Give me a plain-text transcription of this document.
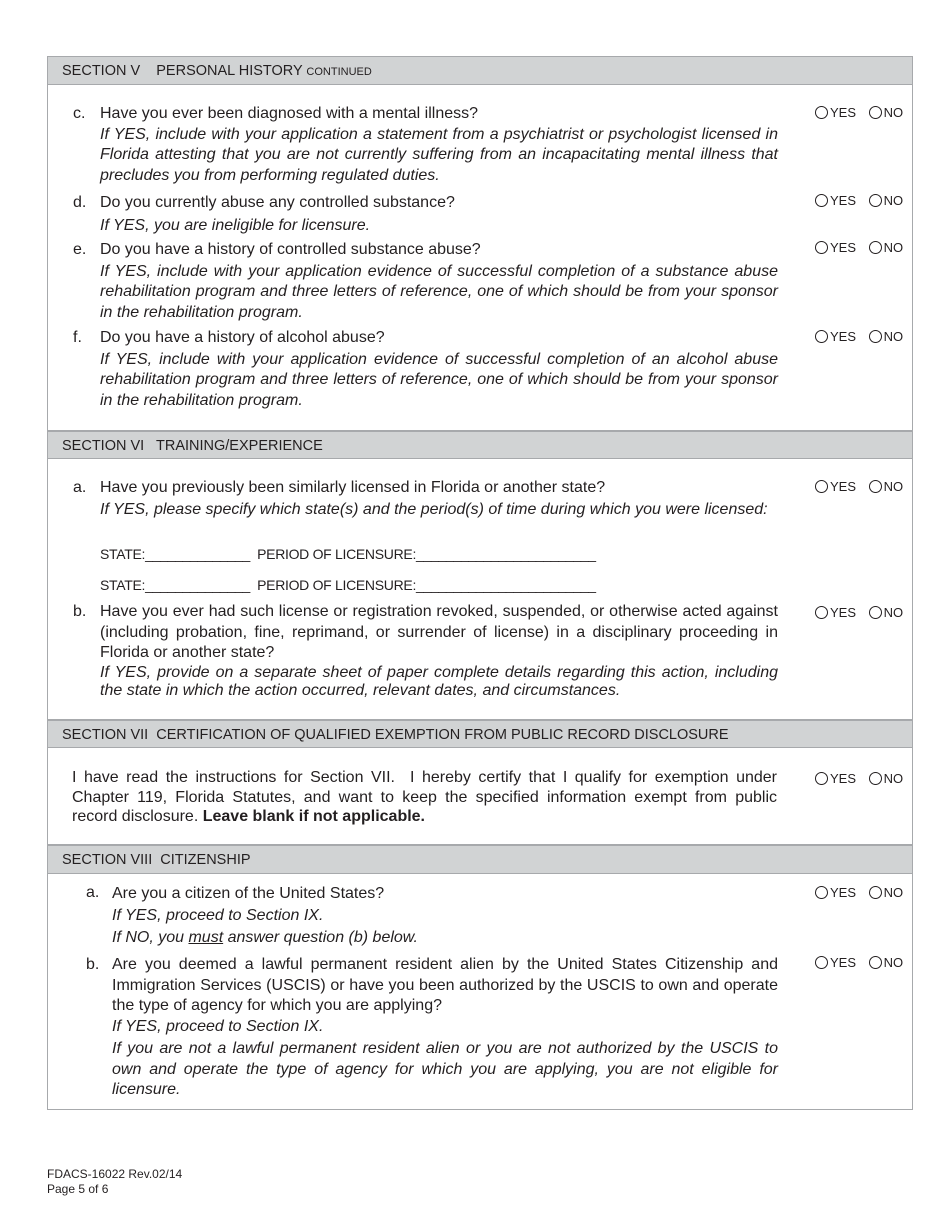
SECTION V    PERSONAL HISTORY CONTINUED
c. Have you ever been diagnosed with a mental illness?
If YES, include with your application a statement from a psychiatrist or psychologist licensed in Florida attesting that you are not currently suffering from an incapacitating mental illness that precludes you from performing regulated duties.
YES
NO
d. Do you currently abuse any controlled substance?
If YES, you are ineligible for licensure.
YES
NO
e. Do you have a history of controlled substance abuse?
If YES, include with your application evidence of successful completion of a substance abuse rehabilitation program and three letters of reference, one of which should be from your sponsor in the rehabilitation program.
YES
NO
f. Do you have a history of alcohol abuse?
If YES, include with your application evidence of successful completion of an alcohol abuse rehabilitation program and three letters of reference, one of which should be from your sponsor in the rehabilitation program.
YES
NO
SECTION VI   TRAINING/EXPERIENCE
a. Have you previously been similarly licensed in Florida or another state?
If YES, please specify which state(s) and the period(s) of time during which you were licensed:
YES
NO
STATE:______________  PERIOD OF LICENSURE:________________________
STATE:______________  PERIOD OF LICENSURE:________________________
b. Have you ever had such license or registration revoked, suspended, or otherwise acted against (including probation, fine, reprimand, or surrender of license) in a disciplinary proceeding in Florida or another state?
If YES, provide on a separate sheet of paper complete details regarding this action, including the state in which the action occurred, relevant dates, and circumstances.
YES
NO
SECTION VII  CERTIFICATION OF QUALIFIED EXEMPTION FROM PUBLIC RECORD DISCLOSURE
I have read the instructions for Section VII.  I hereby certify that I qualify for exemption under Chapter 119, Florida Statutes, and want to keep the specified information exempt from public record disclosure. Leave blank if not applicable.
YES
NO
SECTION VIII  CITIZENSHIP
a. Are you a citizen of the United States?
If YES, proceed to Section IX.
If NO, you must answer question (b) below.
YES
NO
b. Are you deemed a lawful permanent resident alien by the United States Citizenship and Immigration Services (USCIS) or have you been authorized by the USCIS to own and operate the type of agency for which you are applying?
If YES, proceed to Section IX.
If you are not a lawful permanent resident alien or you are not authorized by the USCIS to own and operate the type of agency for which you are applying, you are not eligible for licensure.
YES
NO
FDACS-16022 Rev.02/14
Page 5 of 6
